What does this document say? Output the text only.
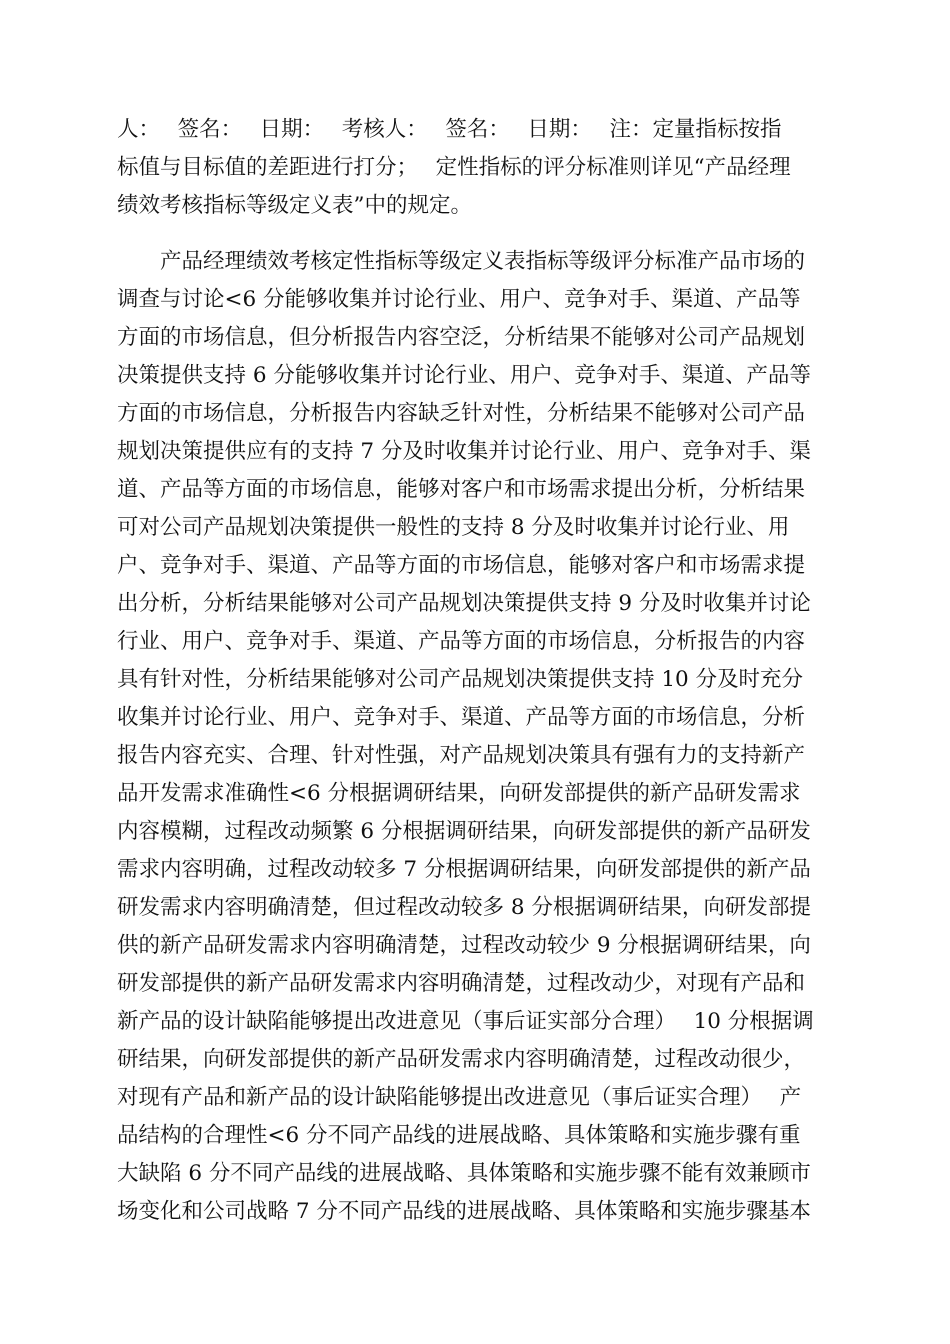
人：　 签名：　 日期：　 考核人：　 签名：　 日期：　 注：定量指标按指
标值与目标值的差距进行打分；　 定性指标的评分标准则详见“产品经理
绩效考核指标等级定义表”中的规定。
　　产品经理绩效考核定性指标等级定义表指标等级评分标准产品市场的
调查与讨论<6 分能够收集并讨论行业、用户、竞争对手、渠道、产品等
方面的市场信息，但分析报告内容空泛，分析结果不能够对公司产品规划
决策提供支持 6 分能够收集并讨论行业、用户、竞争对手、渠道、产品等
方面的市场信息，分析报告内容缺乏针对性，分析结果不能够对公司产品
规划决策提供应有的支持 7 分及时收集并讨论行业、用户、竞争对手、渠
道、产品等方面的市场信息，能够对客户和市场需求提出分析，分析结果
可对公司产品规划决策提供一般性的支持 8 分及时收集并讨论行业、用
户、竞争对手、渠道、产品等方面的市场信息，能够对客户和市场需求提
出分析，分析结果能够对公司产品规划决策提供支持 9 分及时收集并讨论
行业、用户、竞争对手、渠道、产品等方面的市场信息，分析报告的内容
具有针对性，分析结果能够对公司产品规划决策提供支持 10 分及时充分
收集并讨论行业、用户、竞争对手、渠道、产品等方面的市场信息，分析
报告内容充实、合理、针对性强，对产品规划决策具有强有力的支持新产
品开发需求准确性<6 分根据调研结果，向研发部提供的新产品研发需求
内容模糊，过程改动频繁 6 分根据调研结果，向研发部提供的新产品研发
需求内容明确，过程改动较多 7 分根据调研结果，向研发部提供的新产品
研发需求内容明确清楚，但过程改动较多 8 分根据调研结果，向研发部提
供的新产品研发需求内容明确清楚，过程改动较少 9 分根据调研结果，向
研发部提供的新产品研发需求内容明确清楚，过程改动少，对现有产品和
新产品的设计缺陷能够提出改进意见（事后证实部分合理）　 10 分根据调
研结果，向研发部提供的新产品研发需求内容明确清楚，过程改动很少，
对现有产品和新产品的设计缺陷能够提出改进意见（事后证实合理）　 产
品结构的合理性<6 分不同产品线的进展战略、具体策略和实施步骤有重
大缺陷 6 分不同产品线的进展战略、具体策略和实施步骤不能有效兼顾市
场变化和公司战略 7 分不同产品线的进展战略、具体策略和实施步骤基本
